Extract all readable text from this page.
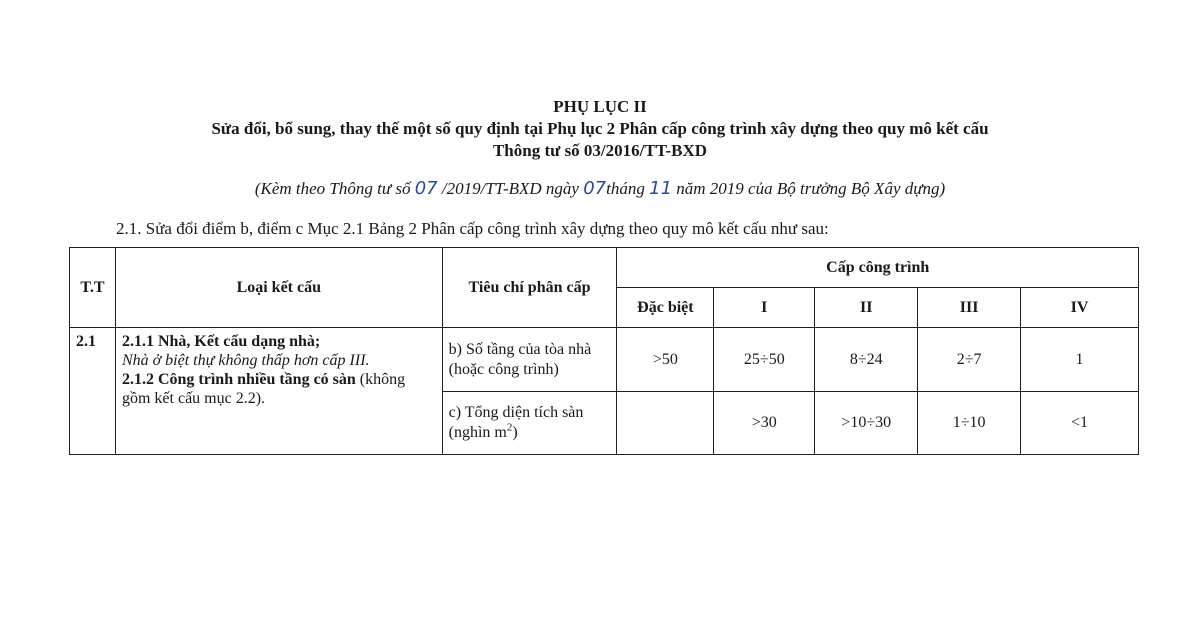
PHỤ LỤC II
Sửa đổi, bổ sung, thay thế một số quy định tại Phụ lục 2 Phân cấp công trình xây dựng theo quy mô kết cấu
Thông tư số 03/2016/TT-BXD
(Kèm theo Thông tư số 07 /2019/TT-BXD ngày 07tháng 11 năm 2019 của Bộ trưởng Bộ Xây dựng)
2.1. Sửa đổi điểm b, điểm c Mục 2.1 Bảng 2 Phân cấp công trình xây dựng theo quy mô kết cấu như sau:
T.T	Loại kết cấu	Tiêu chí phân cấp	Cấp công trình				
			Đặc biệt	I	II	III	IV
2.1	2.1.1 Nhà, Kết cấu dạng nhà;
Nhà ở biệt thự không thấp hơn cấp III.
2.1.2 Công trình nhiều tầng có sàn (không gồm kết cấu mục 2.2).	b) Số tầng của tòa nhà (hoặc công trình)	>50	25÷50	8÷24	2÷7	1
		c) Tổng diện tích sàn (nghìn $m^2$)		>30	>10÷30	1÷10	<1
